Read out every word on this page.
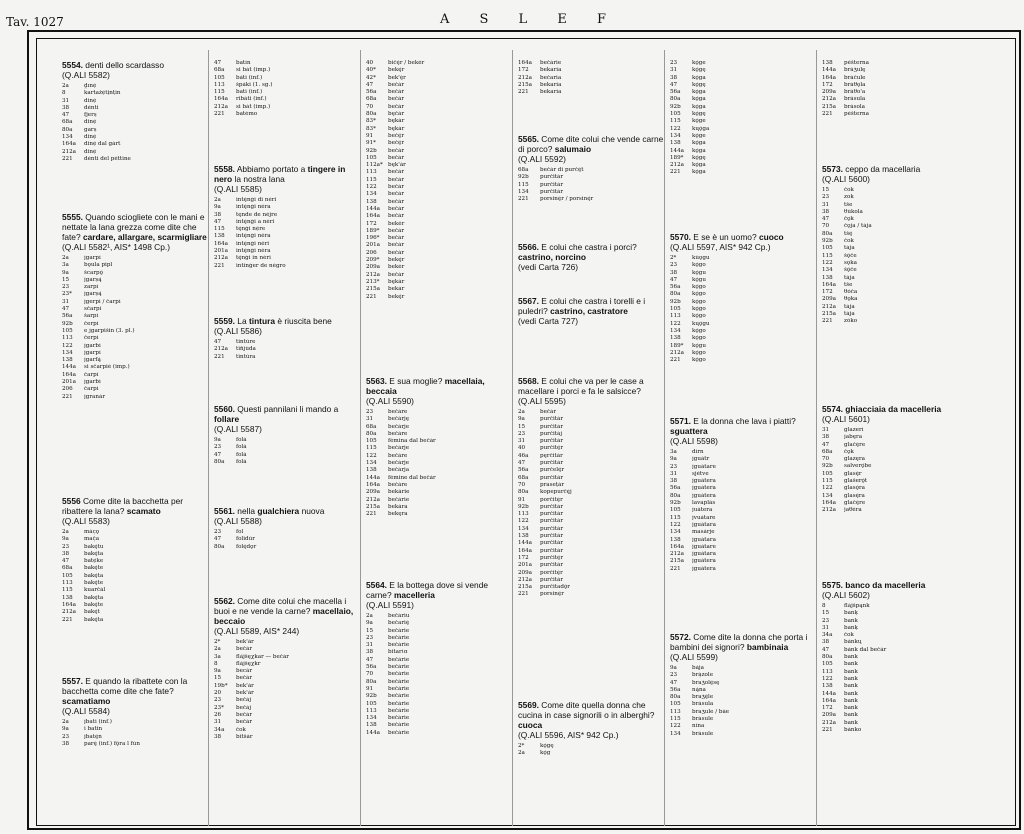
Tav. 1027	A S L E F
5554. denti dello scardasso
(Q.ALI 5582)
2a	d̯ınẹ́
8	kartažẹ́tịnṭin
31	dinẹ́
38	dénti
47	fjerṣ
68a	dinẹ́
80a	garṣ
134	dinẹ́
164a	dinẹ́ dal gárt́
212a	dinẹ́
221	dénti del péttine
5555. Quando sciogliete con le mani e nettate la lana grezza come dite che fate? cardare, allargare, scarmigliare
(Q.ALI 5582¹, AIS* 1498 Cp.)
2a	ǰgarpí
3a	bǫula pipl
9a	šcarpǫ́
15	ǰgarṣą́
23	zarpí
23*	ǰgarṣą́
31	ǰgerpí / čarpí
47	sčarpí
56a	šarpí
92b	čerpí
105	e ǰgarpišin (3. pl.)
113	čerpí
122	ǰgarbí
134	ǰgarpí
138	ǰgarfą́
144a	si sčarpiè (imp.)
164a	čarpí
201a	ǰgarbí
206	čarpí
221	ǰgranár
5556 Come dite la bacchetta per ribattere la lana? scamato
(Q.ALI 5583)
2a	mác̦ǫ
9a	mač̦a
23	bakę́tu
38	bakę́ta
47	batẹ́ke
68a	bakę́te
105	bakę́ta
113	bakę́te
115	kuarčál
138	bakę́ta
164a	bakę́te
212a	bakę́t
221	bakę́ta
5557. E quando la ribattete con la bacchetta come dite che fate? scamatiamo
(Q.ALI 5584)
2a	ǰbati (inf.)
9a	i batin
23	ǰbatę́n
38	parę́ (inf.) fǫ́ra l fún
47	batín
68a	si bát (imp.)
105	báti (inf.)
113	špáki (1. sg.)
115	bati (inf.)
164a	ribáti (inf.)
212a	si bát (imp.)
221	batémo
5558. Abbiamo portato a tingere in nero la nostra lana
(Q.ALI 5585)
2a	intę́nǧi di néri
9a	intę́nǧi néra
38	tęnde de néjre
47	intę́nǧi a néri
115	tę́nǧi nẹ́re
138	intę́nǧi néra
164a	intę́nǧi néri
201a	intę́nǧi néra
212a	tę́nǧi in néri
221	intinǧer de négro
5559. La tintura è riuscita bene
(Q.ALI 5586)
47	tintúre
212a	tin̆júda
221	tintúra
5560. Questi pannilani li mando a follare
(Q.ALI 5587)
9a	folá
23	folá
47	folá
80a	folá
5561. nella gualchiera nuova
(Q.ALI 5588)
23	fol
47	folidúr
80a	folę́dǫr
5562. Come dite colui che macella i buoi e ne vende la carne? macellaio, beccaio
(Q.ALI 5589, AIS* 244)
2*	bek'ár
2a	bečár
3a	flájšęχkar — bečár
8	flájšęχkr
9a	becár
15	bečár
19b*	bek'ár
20	bek'ár
23	bečáj
23*	bečáj
26	bečár
31	bečár
34a	čok
38	bitšár
40	bičę́r / bekér
40*	bekę́r
42*	bek'ę́r
47	bečár
56a	bečár
68a	bečár
70	bečár
80a	bęčár
83*	bękár
83*	bękár
91	bečę́r
91*	bečę́r
92b	bečár
105	bečár
112a* bęk'ár
113	bečár
115	bečár
122	bečár
134	bečár
138	bečár
144a	bečár
164a	bečár
172	bekér
189*	bečár
196*	bečár
201a	bečár
206	bečár
209*	bekę́r
209a	bekér
212a	bečár
213*	bękár
215a	bekár
221	bekę́r
5563. E sua moglie? macellaia, beccaia
(Q.ALI 5590)
23	bečáre
31	bečárję
68a	bečárje
80a	bečáre
105	fémina dal bečár
115	bečárje
122	bečáre
134	bečárje
138	bečárja
144a	fémine dal bečár
164a	bečáre
209a	bekárie
212a	bečárie
215a	bekára
221	bekęra
5564. E la bottega dove si vende carne? macelleria
(Q.ALI 5591)
2a	bečáriu
9a	bečarię́
15	bečárie
23	bečárie
31	bečárie
38	bitarία
47	bečárie
56a	bečárie
70	bečárie
80a	bečárie
91	bečárie
92b	bečárie
105	bečárie
113	bečárie
134	bečárie
138	bečárie
144a	bečárie
164a	bečárie
172	bekaría
212a	bečaria
215a	bekaría
221	bekaría
5565. Come dite colui che vende carne di porco? salumaio
(Q.ALI 5592)
68a	bečár di purčę́t
92b	purčitár
115	purčitár
134	purčitár
221	porsinę́r / porsinę́r
5566. E colui che castra i porci? castrino, norcino
(vedi Carta 726)
5567. E colui che castra i torelli e i puledri? castrino, castratore
(vedi Carta 727)
5568. E colui che va per le case a macellare i porci e fa le salsicce?
(Q.ALI 5595)
2a	bečár
9a	purčitár
15	purčitár
23	purčitáj
31	purčitár
40	purčitę́r
46a	pęrčitár
47	purčitár
56a	purčelę́r
68a	purčitár
70	praseṭár
80a	kopepurčę́j
91	porčitę́r
92b	purčitár
113	purčitár
122	purčitár
134	purčitár
138	purčitár
144a	purčitár
164a	purčitár
172	purčitę́r
201a	purčitár
209a	porčitę́r
212a	purčitár
215a	purčitadǫ́r
221	porsinę́r
5569. Come dite quella donna che cucina in case signorili o in alberghi? cuoca
(Q.ALI 5596, AIS* 942 Cp.)
2*	kǫ́gę
2a	kǫ́g
23	kǫ́ge
31	kǫ́gę
38	kǫ́ga
47	kǫ́gę
56a	kǫ́ga
80a	kǫ́ga
92b	kǫ́ga
105	kǫ́gę
115	kǫ́ge
122	kųǫ́ga
134	kǫ́ge
138	kǫ́ga
144a	kǫ́ga
189*	kǫ́gę
212a	kǫ́ga
221	kǫ́ga
5570. E se è un uomo? cuoco
(Q.ALI 5597, AIS* 942 Cp.)
2*	kúǫgu
23	kǫ́go
38	kǫ́gu
47	kǫ́gu
56a	kǫ́go
80a	kǫ́go
92b	kǫ́go
105	kǫ́go
113	kǫ́go
122	kųǫ́gu
134	kǫ́go
138	kǫ́go
189*	kǫ́gu
212a	kǫ́go
221	kǫ́go
5571. E la donna che lava i piatti? sguattera
(Q.ALI 5598)
3a	dírn
9a	ǰguátr
23	ǰguátare
31	sjétve
38	ǰguátera
56a	ǰguátera
80a	ǰguátera
92b	lavaplás
105	ǰuátera
115	ǰvuátare
122	ǰguátara
134	masárje
138	ǰguátara
164a	ǰguátare
212a	ǰguátara
215a	ǰguátera
221	ǰguátera
5572. Come dite la donna che porta i bambini dei signori? bambinaia
(Q.ALI 5599)
9a	bája
23	brá̦zole
47	braǯolę́sę
56a	ną́na
80a	braǯę́le
105	brásula
113	braǯule / bàe
115	brásule
122	nína
134	brásule
138	péšterna
144a	bráǯulę
164a	bráčule
172	bráθǫla
209a	bráθo'a
212a	brásula
215a	brásola
221	péšterna
5573. ceppo da macellaria
(Q.ALI 5600)
15	čok
23	zok
31	tše
38	θúkola
47	čǫk
70	čǫja / tája
80a	tšę́
92b	čok
105	tája
115	šǫ́če
122	sǫka
134	šǫ́če
138	tája
164a	tše
172	θóča
209a	θǫka
212a	tája
215a	tája
221	zóko
5574. ghiacciaia da macelleria
(Q.ALI 5601)
31	glazerí
38	ǰabęra
47	glačę́re
68a	čǫk
70	glazęra
92b	salverǫ́be
105	glasę́r
115	glašerǫ́t
122	glasǫ́ra
134	glasę́ra
164a	glačę́re
212a	jaθéra
5575. banco da macelleria
(Q.ALI 5602)
8	flájšpąnk
15	banķ
23	bank
31	banḳ
34a	čok
38	bánkų
47	bánk dal bečár
80a	bank
105	bank
113	bank
122	bank
138	bank
144a	bank
164a	bank
172	bank
209a	bank
212a	bank
221	bánko
